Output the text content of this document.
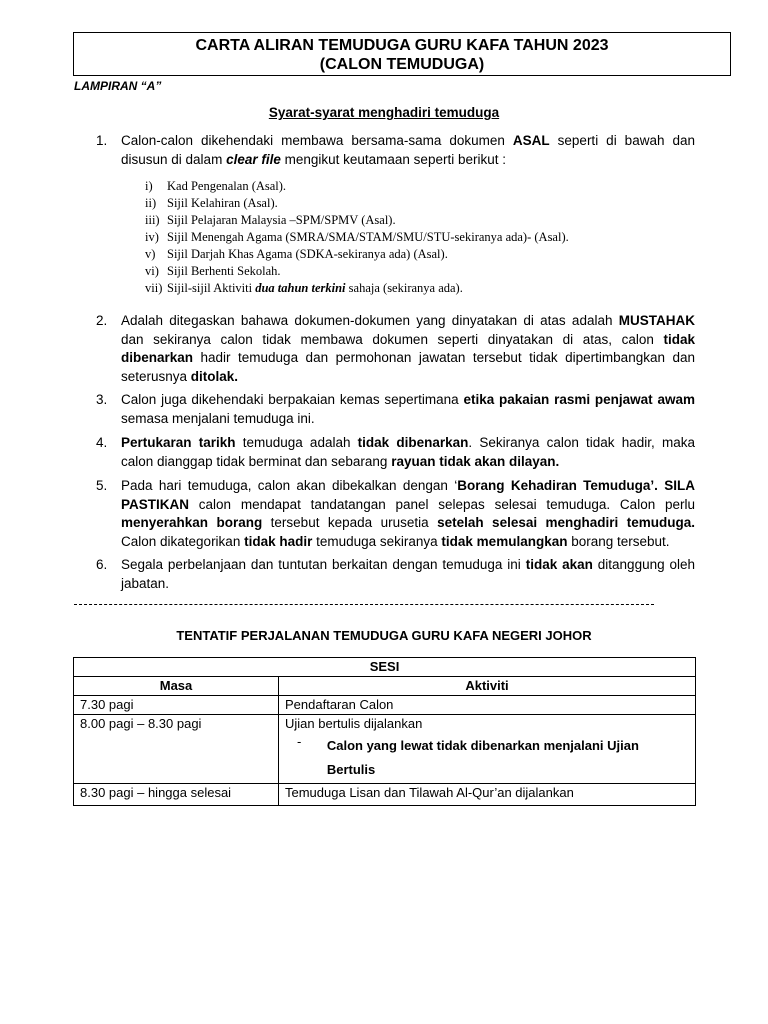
CARTA ALIRAN TEMUDUGA GURU KAFA TAHUN 2023
(CALON TEMUDUGA)
LAMPIRAN “A”
Syarat-syarat menghadiri temuduga
1. Calon-calon dikehendaki membawa bersama-sama dokumen ASAL seperti di bawah dan disusun di dalam clear file mengikut keutamaan seperti berikut :
i) Kad Pengenalan (Asal).
ii) Sijil Kelahiran (Asal).
iii) Sijil Pelajaran Malaysia –SPM/SPMV (Asal).
iv) Sijil Menengah Agama (SMRA/SMA/STAM/SMU/STU-sekiranya ada)- (Asal).
v) Sijil Darjah Khas Agama (SDKA-sekiranya ada) (Asal).
vi) Sijil Berhenti Sekolah.
vii) Sijil-sijil Aktiviti dua tahun terkini sahaja (sekiranya ada).
2. Adalah ditegaskan bahawa dokumen-dokumen yang dinyatakan di atas adalah MUSTAHAK dan sekiranya calon tidak membawa dokumen seperti dinyatakan di atas, calon tidak dibenarkan hadir temuduga dan permohonan jawatan tersebut tidak dipertimbangkan dan seterusnya ditolak.
3. Calon juga dikehendaki berpakaian kemas sepertimana etika pakaian rasmi penjawat awam semasa menjalani temuduga ini.
4. Pertukaran tarikh temuduga adalah tidak dibenarkan. Sekiranya calon tidak hadir, maka calon dianggap tidak berminat dan sebarang rayuan tidak akan dilayan.
5. Pada hari temuduga, calon akan dibekalkan dengan ‘Borang Kehadiran Temuduga’. SILA PASTIKAN calon mendapat tandatangan panel selepas selesai temuduga. Calon perlu menyerahkan borang tersebut kepada urusetia setelah selesai menghadiri temuduga. Calon dikategorikan tidak hadir temuduga sekiranya tidak memulangkan borang tersebut.
6. Segala perbelanjaan dan tuntutan berkaitan dengan temuduga ini tidak akan ditanggung oleh jabatan.
TENTATIF PERJALANAN TEMUDUGA GURU KAFA NEGERI JOHOR
SESI	
Masa	Aktiviti
7.30 pagi	Pendaftaran Calon
8.00 pagi – 8.30 pagi	Ujian bertulis dijalankan
- Calon yang lewat tidak dibenarkan menjalani Ujian Bertulis

8.30 pagi – hingga selesai	Temuduga Lisan dan Tilawah Al-Qur’an dijalankan
